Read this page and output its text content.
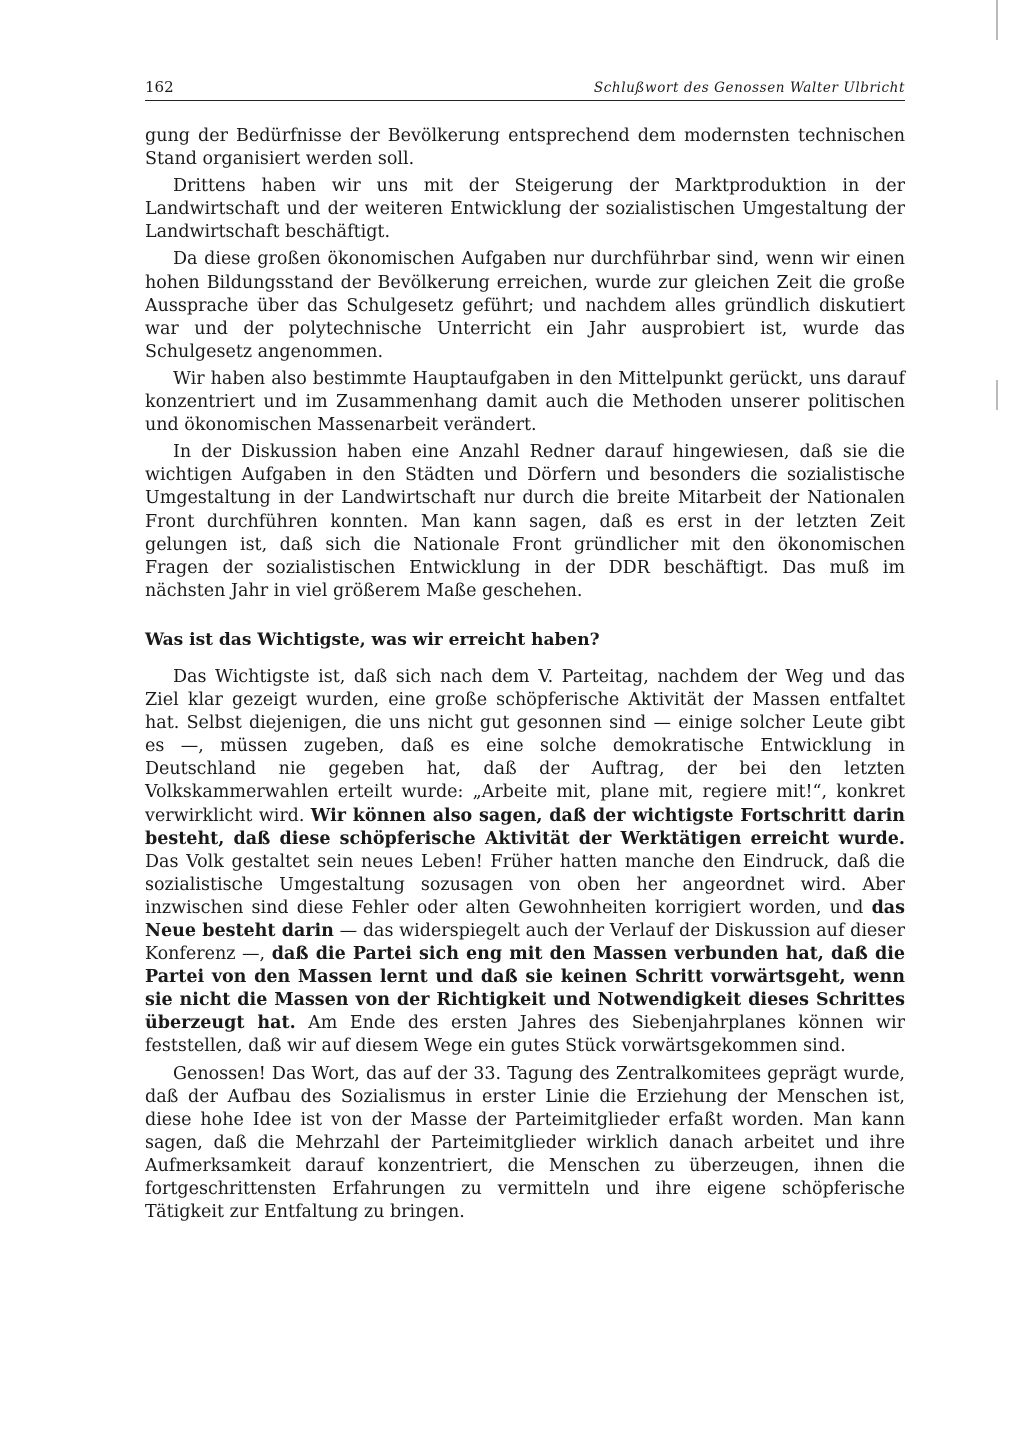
162	Schlußwort des Genossen Walter Ulbricht

gung der Bedürfnisse der Bevölkerung entsprechend dem modernsten technischen Stand organisiert werden soll.

Drittens haben wir uns mit der Steigerung der Marktproduktion in der Landwirtschaft und der weiteren Entwicklung der sozialistischen Umgestaltung der Landwirtschaft beschäftigt.

Da diese großen ökonomischen Aufgaben nur durchführbar sind, wenn wir einen hohen Bildungsstand der Bevölkerung erreichen, wurde zur gleichen Zeit die große Aussprache über das Schulgesetz geführt; und nachdem alles gründlich diskutiert war und der polytechnische Unterricht ein Jahr ausprobiert ist, wurde das Schulgesetz angenommen.

Wir haben also bestimmte Hauptaufgaben in den Mittelpunkt gerückt, uns darauf konzentriert und im Zusammenhang damit auch die Methoden unserer politischen und ökonomischen Massenarbeit verändert.

In der Diskussion haben eine Anzahl Redner darauf hingewiesen, daß sie die wichtigen Aufgaben in den Städten und Dörfern und besonders die sozialistische Umgestaltung in der Landwirtschaft nur durch die breite Mitarbeit der Nationalen Front durchführen konnten. Man kann sagen, daß es erst in der letzten Zeit gelungen ist, daß sich die Nationale Front gründlicher mit den ökonomischen Fragen der sozialistischen Entwicklung in der DDR beschäftigt. Das muß im nächsten Jahr in viel größerem Maße geschehen.

Was ist das Wichtigste, was wir erreicht haben?

Das Wichtigste ist, daß sich nach dem V. Parteitag, nachdem der Weg und das Ziel klar gezeigt wurden, eine große schöpferische Aktivität der Massen entfaltet hat. Selbst diejenigen, die uns nicht gut gesonnen sind — einige solcher Leute gibt es —, müssen zugeben, daß es eine solche demokratische Entwicklung in Deutschland nie gegeben hat, daß der Auftrag, der bei den letzten Volkskammerwahlen erteilt wurde: „Arbeite mit, plane mit, regiere mit!“, konkret verwirklicht wird. Wir können also sagen, daß der wichtigste Fortschritt darin besteht, daß diese schöpferische Aktivität der Werktätigen erreicht wurde. Das Volk gestaltet sein neues Leben! Früher hatten manche den Eindruck, daß die sozialistische Umgestaltung sozusagen von oben her angeordnet wird. Aber inzwischen sind diese Fehler oder alten Gewohnheiten korrigiert worden, und das Neue besteht darin — das widerspiegelt auch der Verlauf der Diskussion auf dieser Konferenz —, daß die Partei sich eng mit den Massen verbunden hat, daß die Partei von den Massen lernt und daß sie keinen Schritt vorwärtsgeht, wenn sie nicht die Massen von der Richtigkeit und Notwendigkeit dieses Schrittes überzeugt hat. Am Ende des ersten Jahres des Siebenjahrplanes können wir feststellen, daß wir auf diesem Wege ein gutes Stück vorwärtsgekommen sind.

Genossen! Das Wort, das auf der 33. Tagung des Zentralkomitees geprägt wurde, daß der Aufbau des Sozialismus in erster Linie die Erziehung der Menschen ist, diese hohe Idee ist von der Masse der Parteimitglieder erfaßt worden. Man kann sagen, daß die Mehrzahl der Parteimitglieder wirklich danach arbeitet und ihre Aufmerksamkeit darauf konzentriert, die Menschen zu überzeugen, ihnen die fortgeschrittensten Erfahrungen zu vermitteln und ihre eigene schöpferische Tätigkeit zur Entfaltung zu bringen.
